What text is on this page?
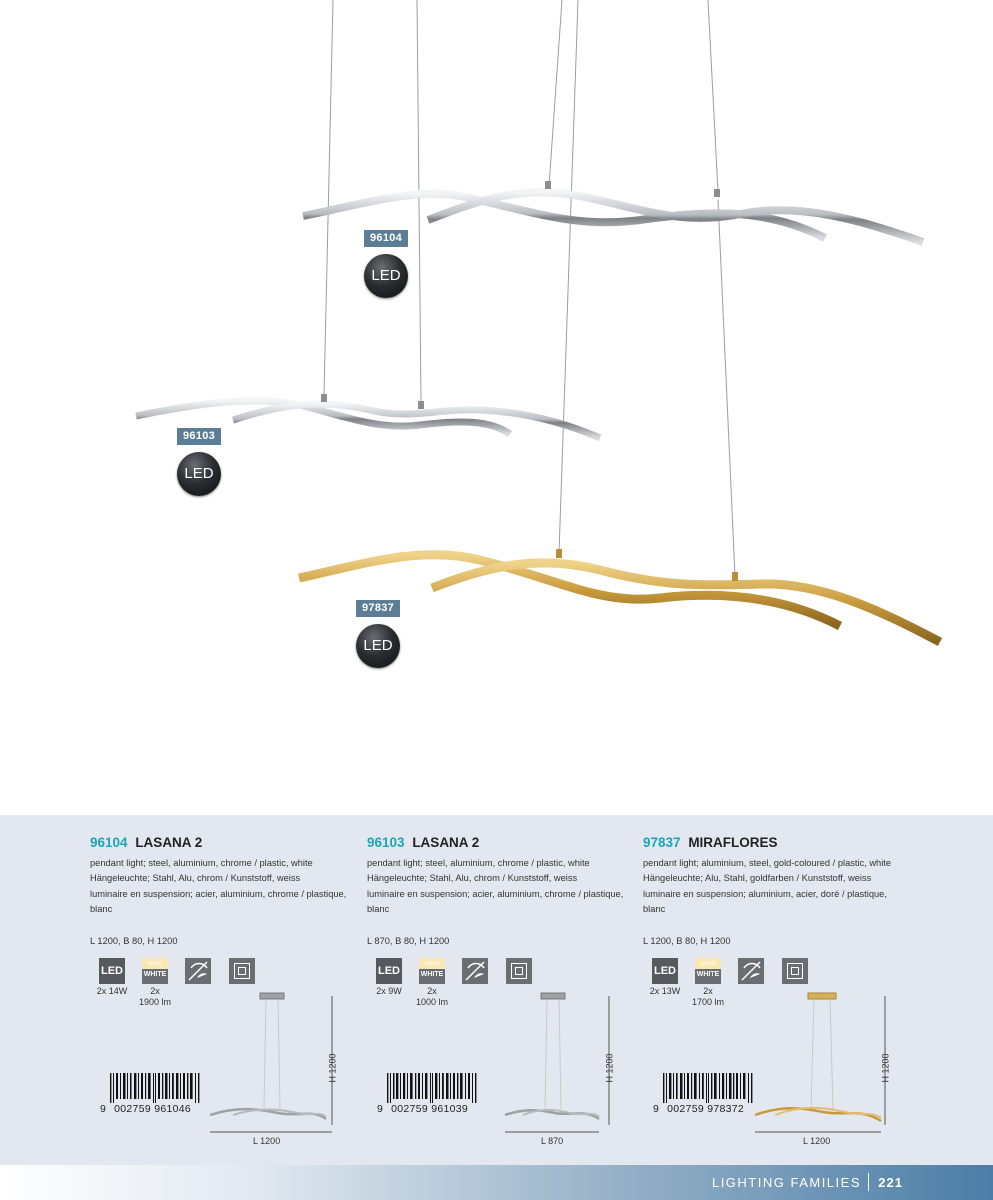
96104
LED
96103
LED
97837
LED
96104 LASANA 2
pendant light; steel, aluminium, chrome / plastic, white
Hängeleuchte; Stahl, Alu, chrom / Kunststoff, weiss
luminaire en suspension; acier, aluminium, chrome / plastique, blanc
L 1200, B 80, H 1200
LED
warm
WHITE
2x 14W	2x
1900 lm
9 002759 961046
H 1200
L 1200
96103 LASANA 2
pendant light; steel, aluminium, chrome / plastic, white
Hängeleuchte; Stahl, Alu, chrom / Kunststoff, weiss
luminaire en suspension; acier, aluminium, chrome / plastique, blanc
L 870, B 80, H 1200
LED
warm
WHITE
2x 9W	2x
1000 lm
9 002759 961039
H 1200
L 870
97837 MIRAFLORES
pendant light; aluminium, steel, gold-coloured / plastic, white
Hängeleuchte; Alu, Stahl, goldfarben / Kunststoff, weiss
luminaire en suspension; aluminium, acier, doré / plastique, blanc
L 1200, B 80, H 1200
LED
warm
WHITE
2x 13W	2x
1700 lm
9 002759 978372
H 1200
L 1200
LIGHTING FAMILIES 221
